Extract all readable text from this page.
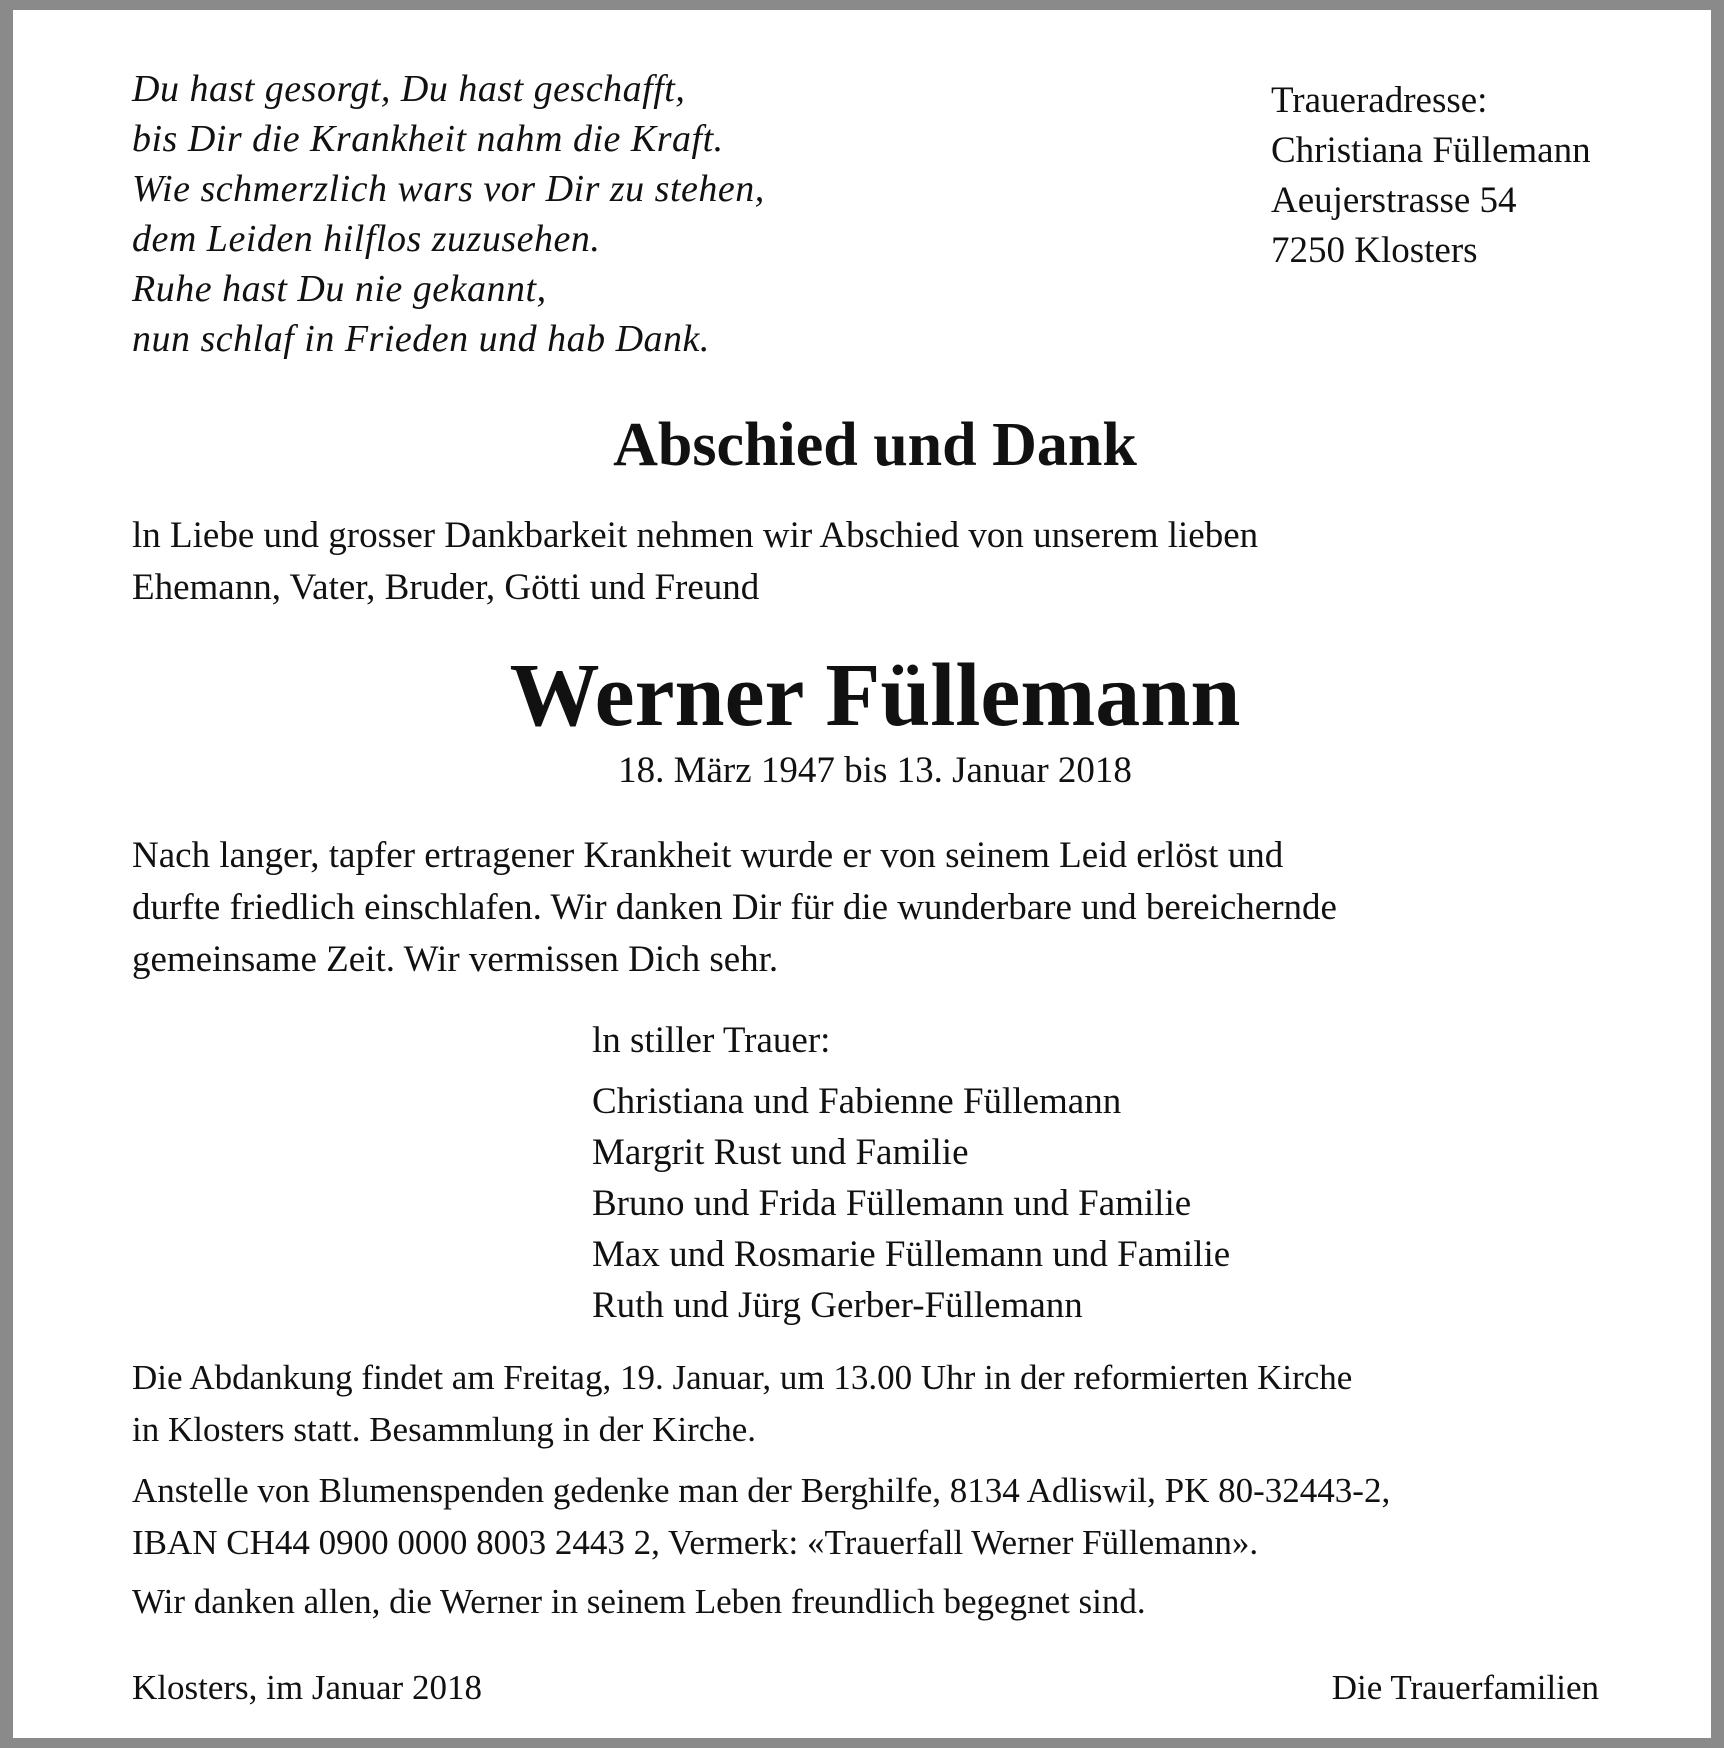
Du hast gesorgt, Du hast geschafft,
bis Dir die Krankheit nahm die Kraft.
Wie schmerzlich wars vor Dir zu stehen,
dem Leiden hilflos zuzusehen.
Ruhe hast Du nie gekannt,
nun schlaf in Frieden und hab Dank.
Traueradresse:
Christiana Füllemann
Aeujerstrasse 54
7250 Klosters
Abschied und Dank
ln Liebe und grosser Dankbarkeit nehmen wir Abschied von unserem lieben
Ehemann, Vater, Bruder, Götti und Freund
Werner Füllemann
18. März 1947 bis 13. Januar 2018
Nach langer, tapfer ertragener Krankheit wurde er von seinem Leid erlöst und
durfte friedlich einschlafen. Wir danken Dir für die wunderbare und bereichernde
gemeinsame Zeit. Wir vermissen Dich sehr.
ln stiller Trauer:
Christiana und Fabienne Füllemann
Margrit Rust und Familie
Bruno und Frida Füllemann und Familie
Max und Rosmarie Füllemann und Familie
Ruth und Jürg Gerber-Füllemann
Die Abdankung findet am Freitag, 19. Januar, um 13.00 Uhr in der reformierten Kirche
in Klosters statt. Besammlung in der Kirche.
Anstelle von Blumenspenden gedenke man der Berghilfe, 8134 Adliswil, PK 80-32443-2,
IBAN CH44 0900 0000 8003 2443 2, Vermerk: «Trauerfall Werner Füllemann».
Wir danken allen, die Werner in seinem Leben freundlich begegnet sind.
Klosters, im Januar 2018	Die Trauerfamilien
